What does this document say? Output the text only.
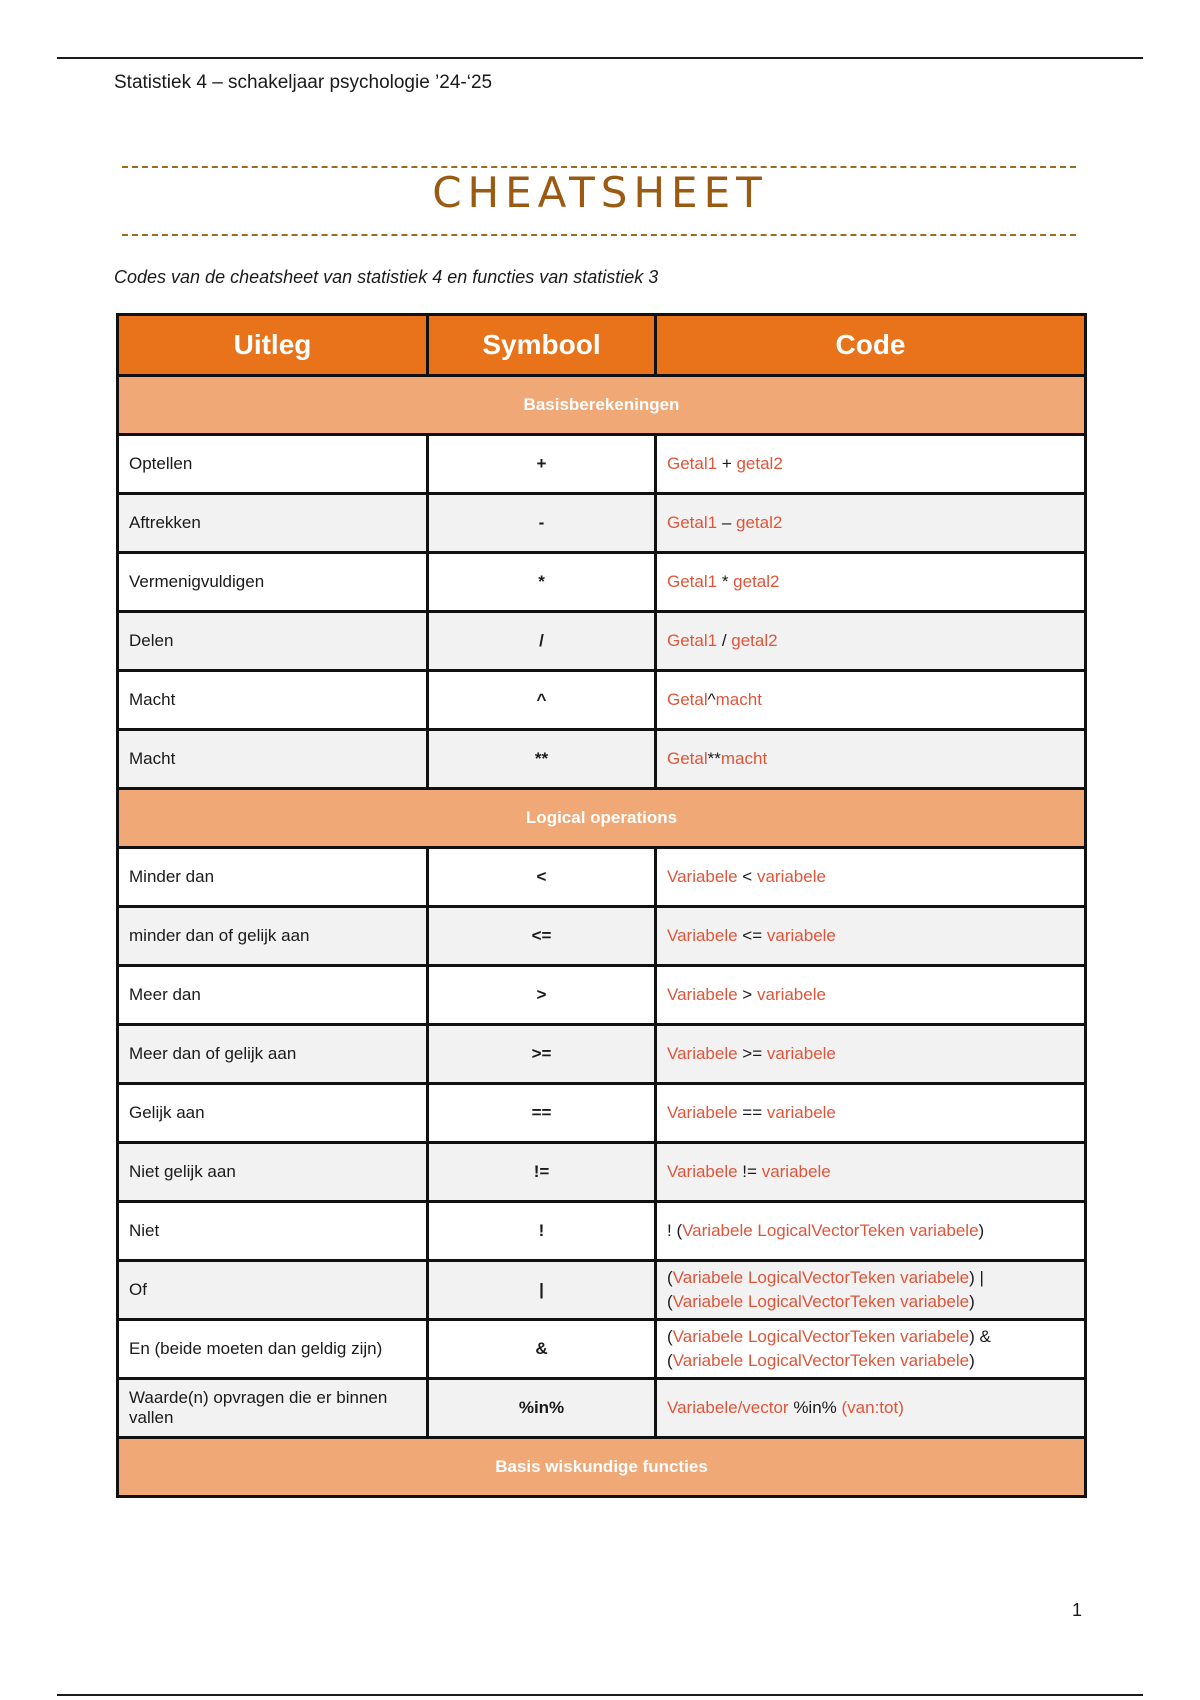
Statistiek 4 – schakeljaar psychologie ’24-‘25
CHEATSHEET
Codes van de cheatsheet van statistiek 4 en functies van statistiek 3
Uitleg	Symbool	Code
Basisberekeningen		
Optellen	+	Getal1 + getal2
Aftrekken	-	Getal1 – getal2
Vermenigvuldigen	*	Getal1 * getal2
Delen	/	Getal1 / getal2
Macht	^	Getal^macht
Macht	**	Getal**macht
Logical operations		
Minder dan	<	Variabele < variabele
minder dan of gelijk aan	<=	Variabele <= variabele
Meer dan	>	Variabele > variabele
Meer dan of gelijk aan	>=	Variabele >= variabele
Gelijk aan	==	Variabele == variabele
Niet gelijk aan	!=	Variabele != variabele
Niet	!	! (Variabele LogicalVectorTeken variabele)
Of	|	(Variabele LogicalVectorTeken variabele) |
(Variabele LogicalVectorTeken variabele)
En (beide moeten dan geldig zijn)	&	(Variabele LogicalVectorTeken variabele) &
(Variabele LogicalVectorTeken variabele)
Waarde(n) opvragen die er binnen vallen	%in%	Variabele/vector %in% (van:tot)
Basis wiskundige functies		
1
